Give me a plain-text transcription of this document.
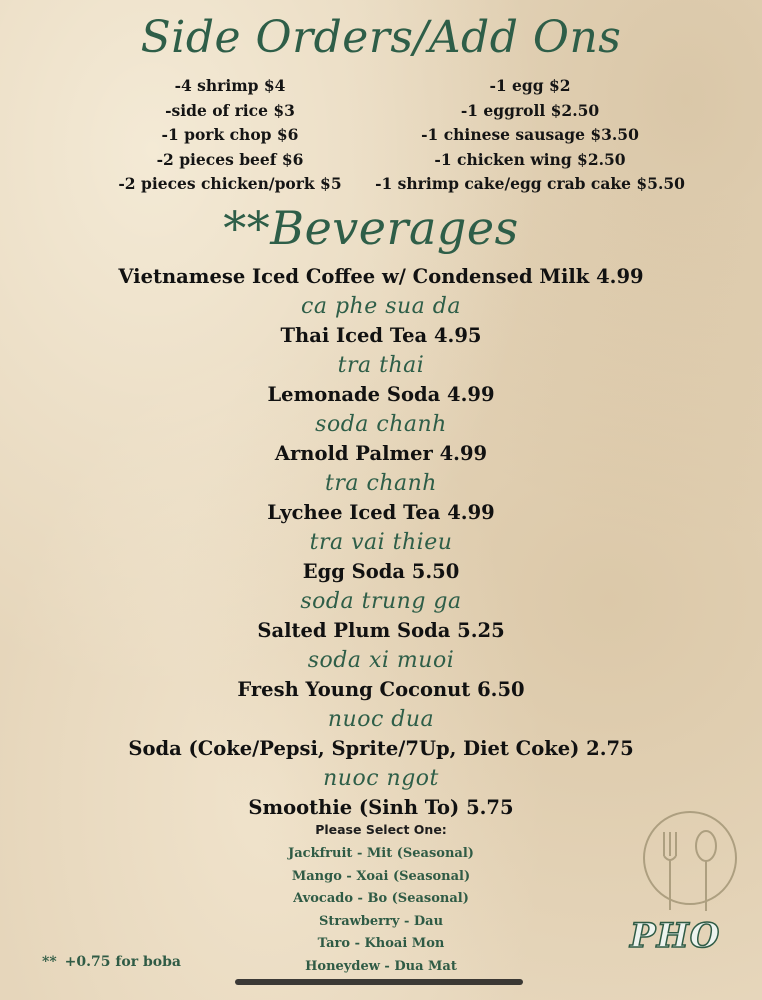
Side Orders/Add Ons
-4 shrimp $4
-side of rice $3
-1 pork chop $6
-2 pieces beef $6
-2 pieces chicken/pork $5
-1 egg $2
-1 eggroll $2.50
-1 chinese sausage $3.50
-1 chicken wing $2.50
-1 shrimp cake/egg crab cake $5.50
**Beverages
Vietnamese Iced Coffee w/ Condensed Milk 4.99
ca phe sua da
Thai Iced Tea 4.95
tra thai
Lemonade Soda 4.99
soda chanh
Arnold Palmer 4.99
tra chanh
Lychee Iced Tea 4.99
tra vai thieu
Egg Soda 5.50
soda trung ga
Salted Plum Soda 5.25
soda xi muoi
Fresh Young Coconut 6.50
nuoc dua
Soda (Coke/Pepsi, Sprite/7Up, Diet Coke) 2.75
nuoc ngot
Smoothie (Sinh To) 5.75
Please Select One:
Jackfruit - Mit (Seasonal)
Mango - Xoai (Seasonal)
Avocado - Bo (Seasonal)
Strawberry - Dau
Taro - Khoai Mon
Honeydew - Dua Mat
** +0.75 for boba
PHO
